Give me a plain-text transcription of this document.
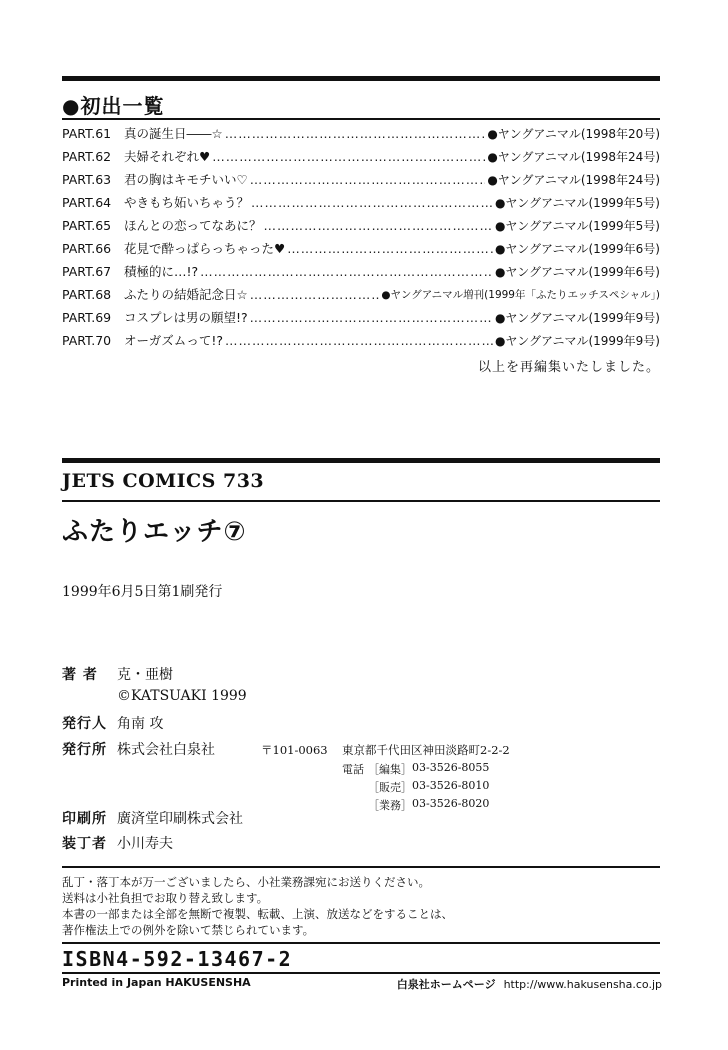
●初出一覧
PART.61	真の誕生日――☆ …………………………………………………………………………………………………………………………………………	●ヤングアニマル(1998年20号)
PART.62	夫婦それぞれ♥ …………………………………………………………………………………………………………………………………………	●ヤングアニマル(1998年24号)
PART.63	君の胸はキモチいい♡ …………………………………………………………………………………………………………………………………………	●ヤングアニマル(1998年24号)
PART.64	やきもち妬いちゃう？ …………………………………………………………………………………………………………………………………………	●ヤングアニマル(1999年5号)
PART.65	ほんとの恋ってなあに？ …………………………………………………………………………………………………………………………………………	●ヤングアニマル(1999年5号)
PART.66	花見で酔っぱらっちゃった♥ …………………………………………………………………………………………………………………………………………	●ヤングアニマル(1999年6号)
PART.67	積極的に…!? …………………………………………………………………………………………………………………………………………	●ヤングアニマル(1999年6号)
PART.68	ふたりの結婚記念日☆ …………………………………………………………………………………………………………………………………………	●ヤングアニマル増刊(1999年「ふたりエッチスペシャル」)
PART.69	コスプレは男の願望!? …………………………………………………………………………………………………………………………………………	●ヤングアニマル(1999年9号)
PART.70	オーガズムって!? …………………………………………………………………………………………………………………………………………	●ヤングアニマル(1999年9号)
以上を再編集いたしました。
JETS COMICS 733
ふたりエッチ⑦
1999年6月5日第1刷発行
著 者 克・亜樹
©KATSUAKI 1999
発行人 角南 攻
発行所 株式会社白泉社	〒101-0063 東京都千代田区神田淡路町2-2-2
電話 ［編集］ 03-3526-8055
［販売］ 03-3526-8010
［業務］ 03-3526-8020
印刷所 廣済堂印刷株式会社
装丁者 小川寿夫
乱丁・落丁本が万一ございましたら、小社業務課宛にお送りください。
送料は小社負担でお取り替え致します。
本書の一部または全部を無断で複製、転載、上演、放送などをすることは、
著作権法上での例外を除いて禁じられています。
ISBN4-592-13467-2
Printed in Japan HAKUSENSHA	白泉社ホームページ http://www.hakusensha.co.jp
